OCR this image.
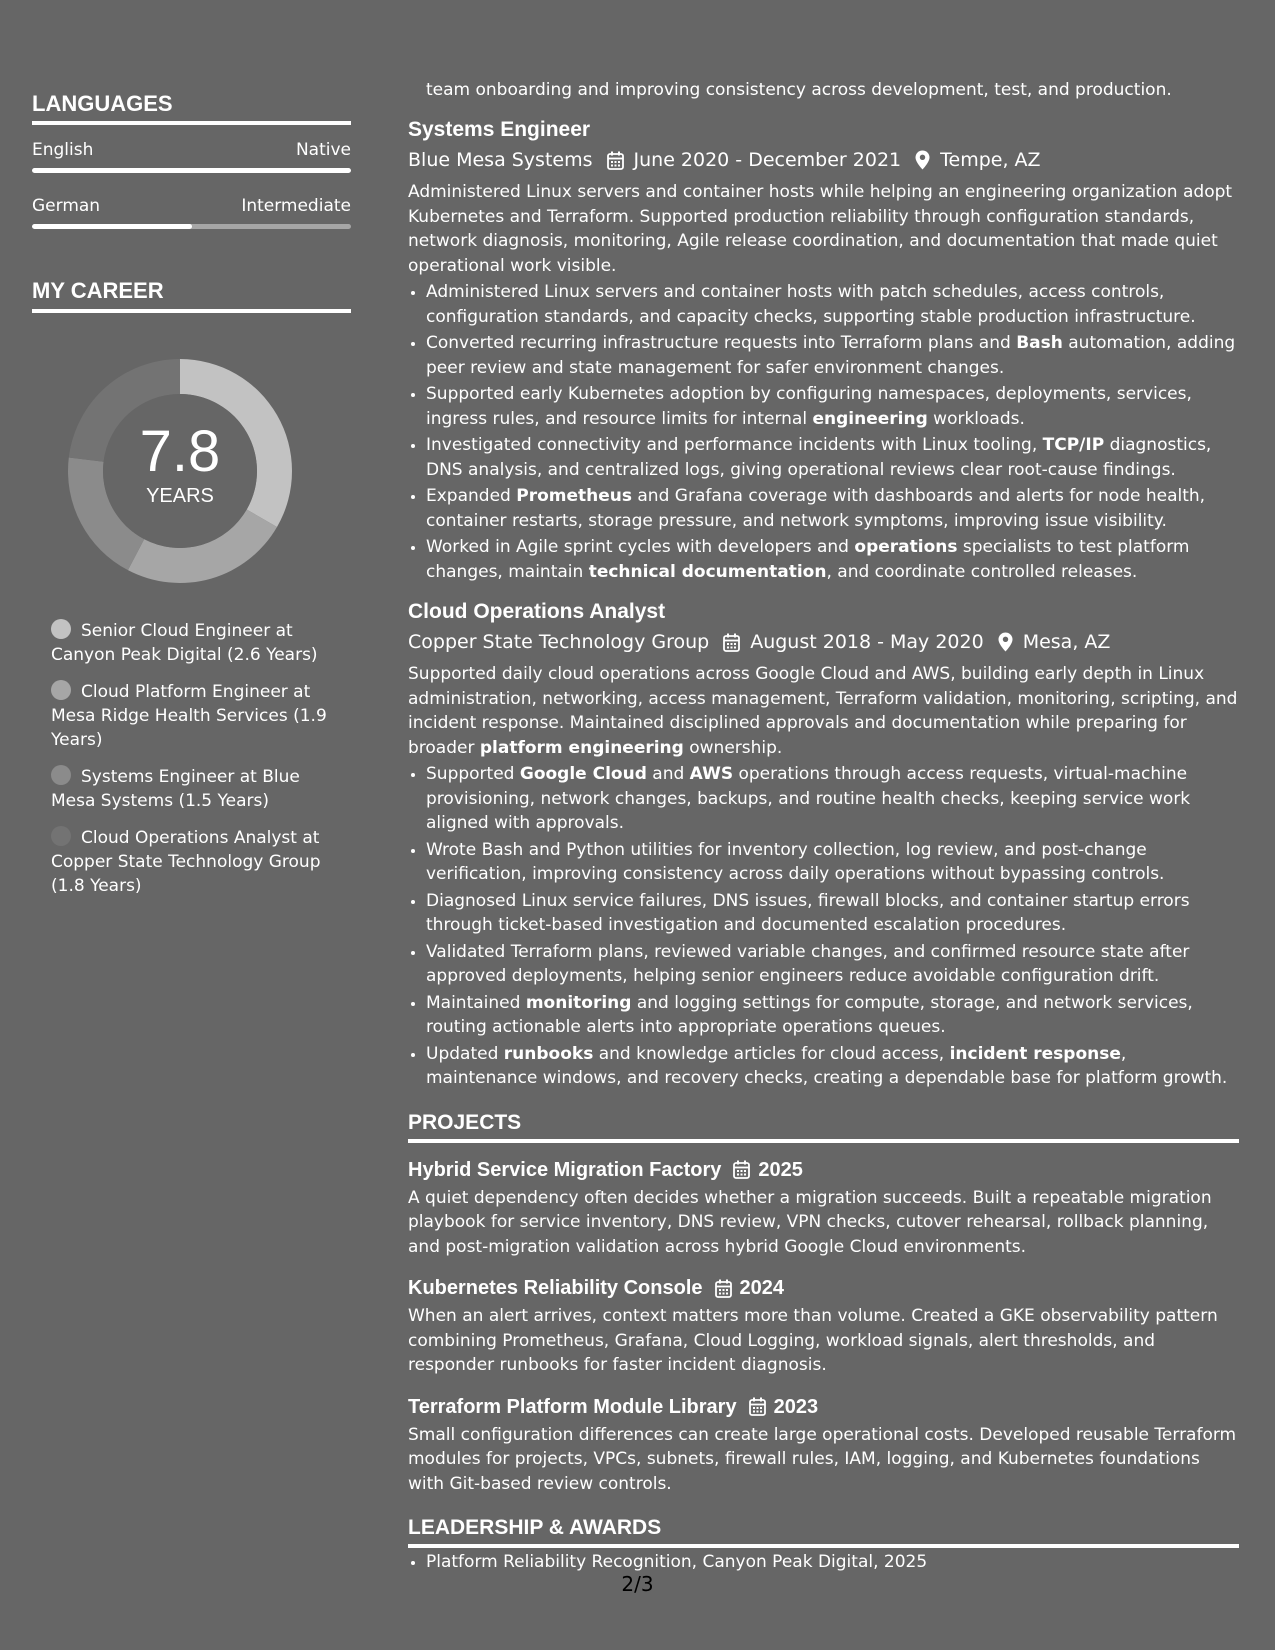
LANGUAGES
English	Native
German	Intermediate
MY CAREER
7.8
YEARS
Senior Cloud Engineer at Canyon Peak Digital (2.6 Years)
Cloud Platform Engineer at Mesa Ridge Health Services (1.9 Years)
Systems Engineer at Blue Mesa Systems (1.5 Years)
Cloud Operations Analyst at Copper State Technology Group (1.8 Years)

team onboarding and improving consistency across development, test, and production.

Systems Engineer
Blue Mesa Systems June 2020 - December 2021 Tempe, AZ

Administered Linux servers and container hosts while helping an engineering organization adopt Kubernetes and Terraform. Supported production reliability through configuration standards, network diagnosis, monitoring, Agile release coordination, and documentation that made quiet operational work visible.

• Administered Linux servers and container hosts with patch schedules, access controls, configuration standards, and capacity checks, supporting stable production infrastructure.
• Converted recurring infrastructure requests into Terraform plans and Bash automation, adding peer review and state management for safer environment changes.
• Supported early Kubernetes adoption by configuring namespaces, deployments, services, ingress rules, and resource limits for internal engineering workloads.
• Investigated connectivity and performance incidents with Linux tooling, TCP/IP diagnostics, DNS analysis, and centralized logs, giving operational reviews clear root-cause findings.
• Expanded Prometheus and Grafana coverage with dashboards and alerts for node health, container restarts, storage pressure, and network symptoms, improving issue visibility.
• Worked in Agile sprint cycles with developers and operations specialists to test platform changes, maintain technical documentation, and coordinate controlled releases.
Cloud Operations Analyst
Copper State Technology Group August 2018 - May 2020 Mesa, AZ

Supported daily cloud operations across Google Cloud and AWS, building early depth in Linux administration, networking, access management, Terraform validation, monitoring, scripting, and incident response. Maintained disciplined approvals and documentation while preparing for broader platform engineering ownership.

• Supported Google Cloud and AWS operations through access requests, virtual-machine provisioning, network changes, backups, and routine health checks, keeping service work aligned with approvals.
• Wrote Bash and Python utilities for inventory collection, log review, and post-change verification, improving consistency across daily operations without bypassing controls.
• Diagnosed Linux service failures, DNS issues, firewall blocks, and container startup errors through ticket-based investigation and documented escalation procedures.
• Validated Terraform plans, reviewed variable changes, and confirmed resource state after approved deployments, helping senior engineers reduce avoidable configuration drift.
• Maintained monitoring and logging settings for compute, storage, and network services, routing actionable alerts into appropriate operations queues.
• Updated runbooks and knowledge articles for cloud access, incident response, maintenance windows, and recovery checks, creating a dependable base for platform growth.
PROJECTS
Hybrid Service Migration Factory 2025

A quiet dependency often decides whether a migration succeeds. Built a repeatable migration playbook for service inventory, DNS review, VPN checks, cutover rehearsal, rollback planning, and post-migration validation across hybrid Google Cloud environments.

Kubernetes Reliability Console 2024

When an alert arrives, context matters more than volume. Created a GKE observability pattern combining Prometheus, Grafana, Cloud Logging, workload signals, alert thresholds, and responder runbooks for faster incident diagnosis.

Terraform Platform Module Library 2023

Small configuration differences can create large operational costs. Developed reusable Terraform modules for projects, VPCs, subnets, firewall rules, IAM, logging, and Kubernetes foundations with Git-based review controls.

LEADERSHIP & AWARDS
• Platform Reliability Recognition, Canyon Peak Digital, 2025
2/3
